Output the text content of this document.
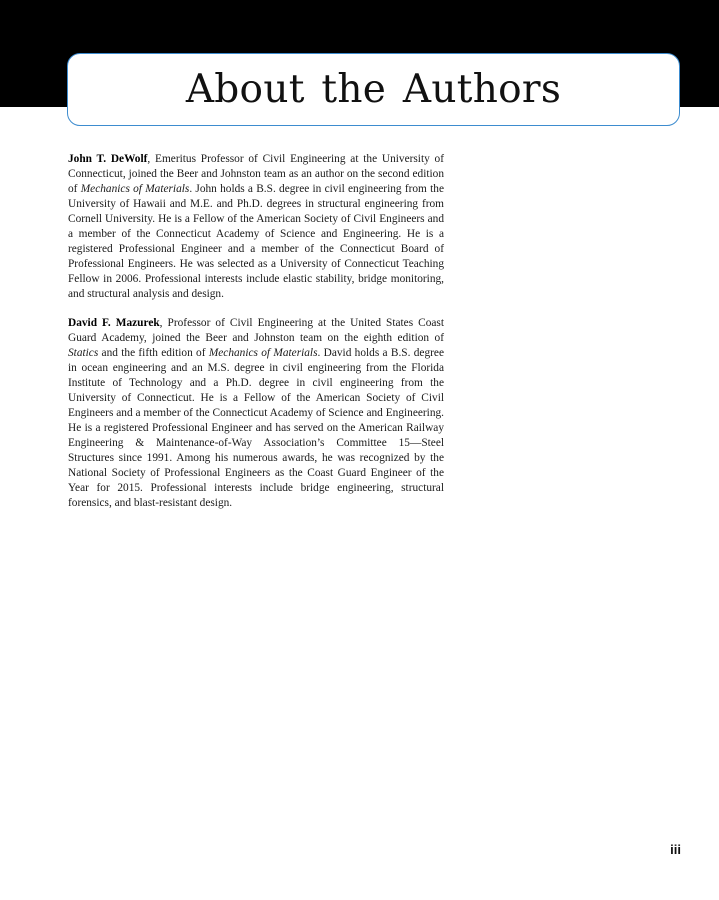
About the Authors

John T. DeWolf, Emeritus Professor of Civil Engineering at the University of Connecticut, joined the Beer and Johnston team as an author on the second edition of Mechanics of Materials. John holds a B.S. degree in civil engineering from the University of Hawaii and M.E. and Ph.D. degrees in structural engineering from Cornell University. He is a Fellow of the American Society of Civil Engineers and a member of the Connecticut Academy of Science and Engineering. He is a registered Professional Engineer and a member of the Connecticut Board of Professional Engineers. He was selected as a University of Connecticut Teaching Fellow in 2006. Professional interests include elastic stability, bridge monitoring, and structural analysis and design.

David F. Mazurek, Professor of Civil Engineering at the United States Coast Guard Academy, joined the Beer and Johnston team on the eighth edition of Statics and the fifth edition of Mechanics of Materials. David holds a B.S. degree in ocean engineering and an M.S. degree in civil engineering from the Florida Institute of Technology and a Ph.D. degree in civil engineering from the University of Connecticut. He is a Fellow of the American Society of Civil Engineers and a member of the Connecticut Academy of Science and Engineering. He is a registered Professional Engineer and has served on the American Railway Engineering & Maintenance-of-Way Association’s Committee 15—Steel Structures since 1991. Among his numerous awards, he was recognized by the National Society of Professional Engineers as the Coast Guard Engineer of the Year for 2015. Professional interests include bridge engineering, structural forensics, and blast-resistant design.

iii
